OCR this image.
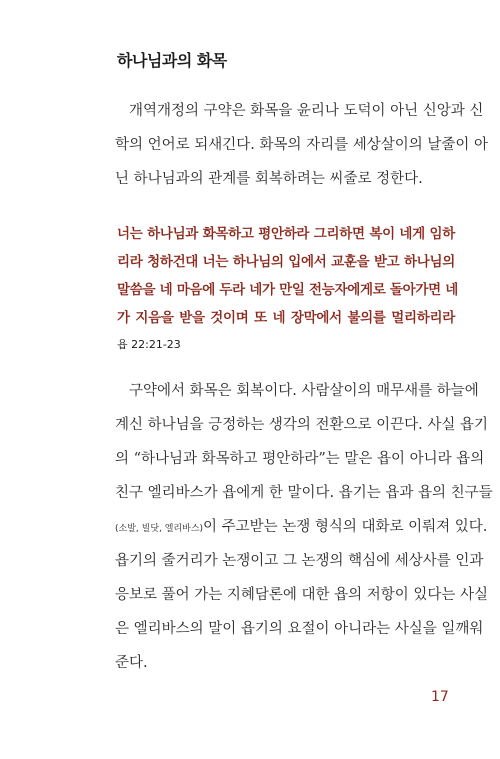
하나님과의 화목
개역개정의 구약은 화목을 윤리나 도덕이 아닌 신앙과 신
학의 언어로 되새긴다. 화목의 자리를 세상살이의 날줄이 아
닌 하나님과의 관계를 회복하려는 씨줄로 정한다.
너는 하나님과 화목하고 평안하라 그리하면 복이 네게 임하
리라 청하건대 너는 하나님의 입에서 교훈을 받고 하나님의
말씀을 네 마음에 두라 네가 만일 전능자에게로 돌아가면 네
가 지음을 받을 것이며 또 네 장막에서 불의를 멀리하리라
욥 22:21-23
구약에서 화목은 회복이다. 사람살이의 매무새를 하늘에
계신 하나님을 긍정하는 생각의 전환으로 이끈다. 사실 욥기
의 “하나님과 화목하고 평안하라”는 말은 욥이 아니라 욥의
친구 엘리바스가 욥에게 한 말이다. 욥기는 욥과 욥의 친구들
(소발, 빌닷, 엘리바스)이 주고받는 논쟁 형식의 대화로 이뤄져 있다.
욥기의 줄거리가 논쟁이고 그 논쟁의 핵심에 세상사를 인과
응보로 풀어 가는 지혜담론에 대한 욥의 저항이 있다는 사실
은 엘리바스의 말이 욥기의 요절이 아니라는 사실을 일깨워
준다.
17
